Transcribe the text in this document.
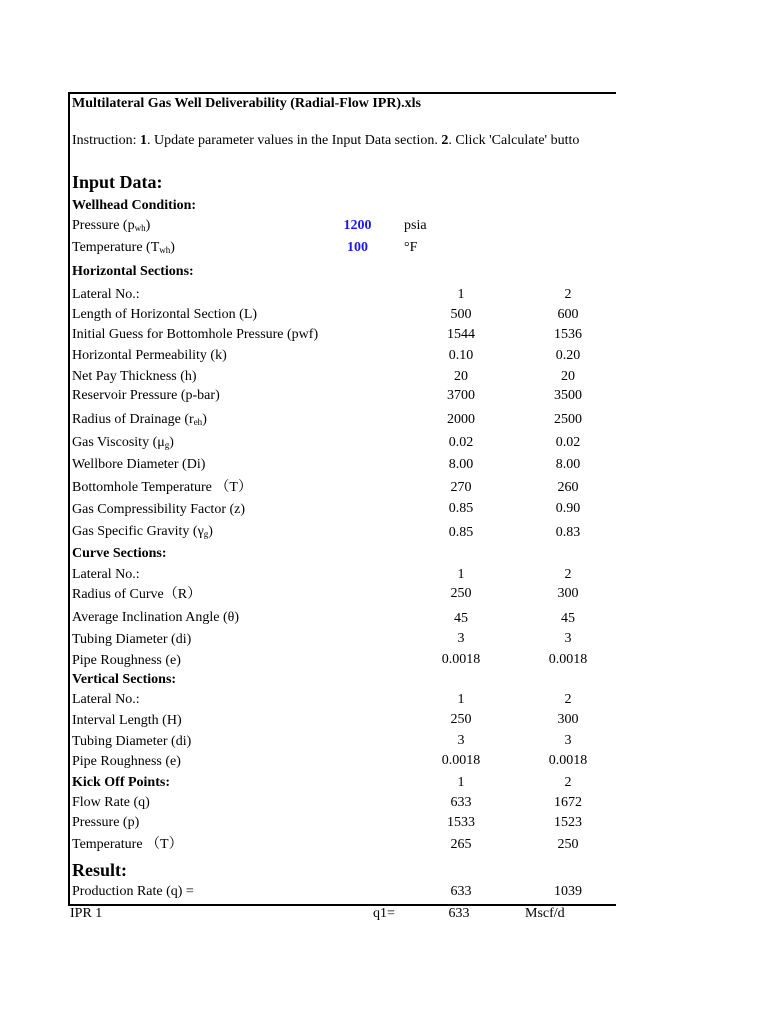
Multilateral Gas Well Deliverability (Radial-Flow IPR).xls
Instruction: 1. Update parameter values in the Input Data section. 2. Click 'Calculate' butto
Input Data:
Wellhead Condition:
Pressure $(p_{wh})$	1200	psia
Temperature $(T_{wh})$	100	°F
Horizontal Sections:
Lateral No.:	1	2
Length of Horizontal Section (L)	500	600
Initial Guess for Bottomhole Pressure (pwf)	1544	1536
Horizontal Permeability (k)	0.10	0.20
Net Pay Thickness (h)	20	20
Reservoir Pressure (p-bar)	3700	3500
Radius of Drainage $(r_{eh})$	2000	2500
Gas Viscosity $(\mu_g)$	0.02	0.02
Wellbore Diameter (Di)	8.00	8.00
Bottomhole Temperature （T）	270	260
Gas Compressibility Factor (z)	0.85	0.90
Gas Specific Gravity $(\gamma_g)$	0.85	0.83
Curve Sections:
Lateral No.:	1	2
Radius of Curve（R）	250	300
Average Inclination Angle (θ)	45	45
Tubing Diameter (di)	3	3
Pipe Roughness (e)	0.0018	0.0018
Vertical Sections:
Lateral No.:	1	2
Interval Length (H)	250	300
Tubing Diameter (di)	3	3
Pipe Roughness (e)	0.0018	0.0018
Kick Off Points:	1	2
Flow Rate (q)	633	1672
Pressure (p)	1533	1523
Temperature （T）	265	250
Result:
Production Rate (q) =	633	1039
IPR 1	q1=	633	Mscf/d
